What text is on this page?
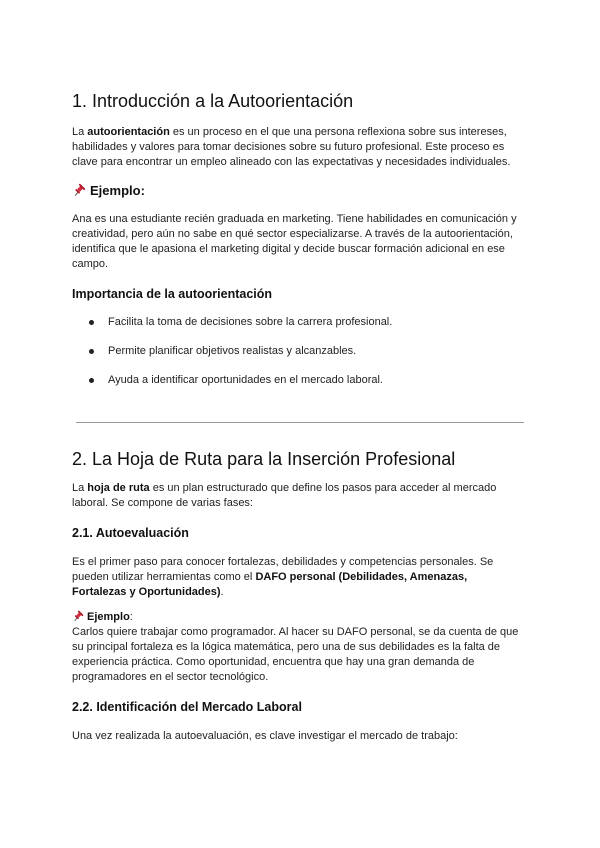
1. Introducción a la Autoorientación

La autoorientación es un proceso en el que una persona reflexiona sobre sus intereses, habilidades y valores para tomar decisiones sobre su futuro profesional. Este proceso es clave para encontrar un empleo alineado con las expectativas y necesidades individuales.

Ejemplo:

Ana es una estudiante recién graduada en marketing. Tiene habilidades en comunicación y creatividad, pero aún no sabe en qué sector especializarse. A través de la autoorientación, identifica que le apasiona el marketing digital y decide buscar formación adicional en ese campo.

Importancia de la autoorientación
Facilita la toma de decisiones sobre la carrera profesional.
Permite planificar objetivos realistas y alcanzables.
Ayuda a identificar oportunidades en el mercado laboral.
2. La Hoja de Ruta para la Inserción Profesional

La hoja de ruta es un plan estructurado que define los pasos para acceder al mercado laboral. Se compone de varias fases:

2.1. Autoevaluación

Es el primer paso para conocer fortalezas, debilidades y competencias personales. Se pueden utilizar herramientas como el DAFO personal (Debilidades, Amenazas, Fortalezas y Oportunidades).

Ejemplo:

Carlos quiere trabajar como programador. Al hacer su DAFO personal, se da cuenta de que su principal fortaleza es la lógica matemática, pero una de sus debilidades es la falta de experiencia práctica. Como oportunidad, encuentra que hay una gran demanda de programadores en el sector tecnológico.

2.2. Identificación del Mercado Laboral

Una vez realizada la autoevaluación, es clave investigar el mercado de trabajo:
